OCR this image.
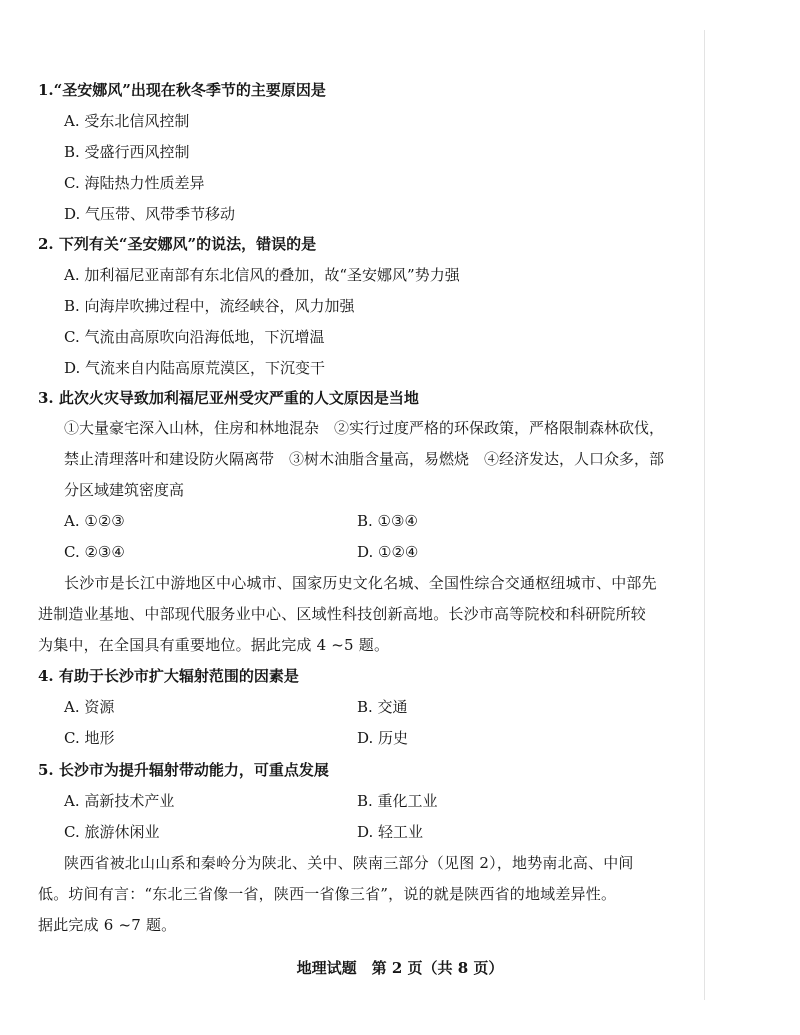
1.“圣安娜风”出现在秋冬季节的主要原因是
A. 受东北信风控制
B. 受盛行西风控制
C. 海陆热力性质差异
D. 气压带、风带季节移动
2. 下列有关“圣安娜风”的说法，错误的是
A. 加利福尼亚南部有东北信风的叠加，故“圣安娜风”势力强
B. 向海岸吹拂过程中，流经峡谷，风力加强
C. 气流由高原吹向沿海低地，下沉增温
D. 气流来自内陆高原荒漠区，下沉变干
3. 此次火灾导致加利福尼亚州受灾严重的人文原因是当地
①大量豪宅深入山林，住房和林地混杂　②实行过度严格的环保政策，严格限制森林砍伐，
禁止清理落叶和建设防火隔离带　③树木油脂含量高，易燃烧　④经济发达，人口众多，部
分区域建筑密度高
A. ①②③	B. ①③④
C. ②③④	D. ①②④
长沙市是长江中游地区中心城市、国家历史文化名城、全国性综合交通枢纽城市、中部先
进制造业基地、中部现代服务业中心、区域性科技创新高地。长沙市高等院校和科研院所较
为集中，在全国具有重要地位。据此完成 4 ~5 题。
4. 有助于长沙市扩大辐射范围的因素是
A. 资源	B. 交通
C. 地形	D. 历史
5. 长沙市为提升辐射带动能力，可重点发展
A. 高新技术产业	B. 重化工业
C. 旅游休闲业	D. 轻工业
陕西省被北山山系和秦岭分为陕北、关中、陕南三部分（见图 2），地势南北高、中间
低。坊间有言：“东北三省像一省，陕西一省像三省”，说的就是陕西省的地域差异性。
据此完成 6 ~7 题。
地理试题　第 2 页（共 8 页）
